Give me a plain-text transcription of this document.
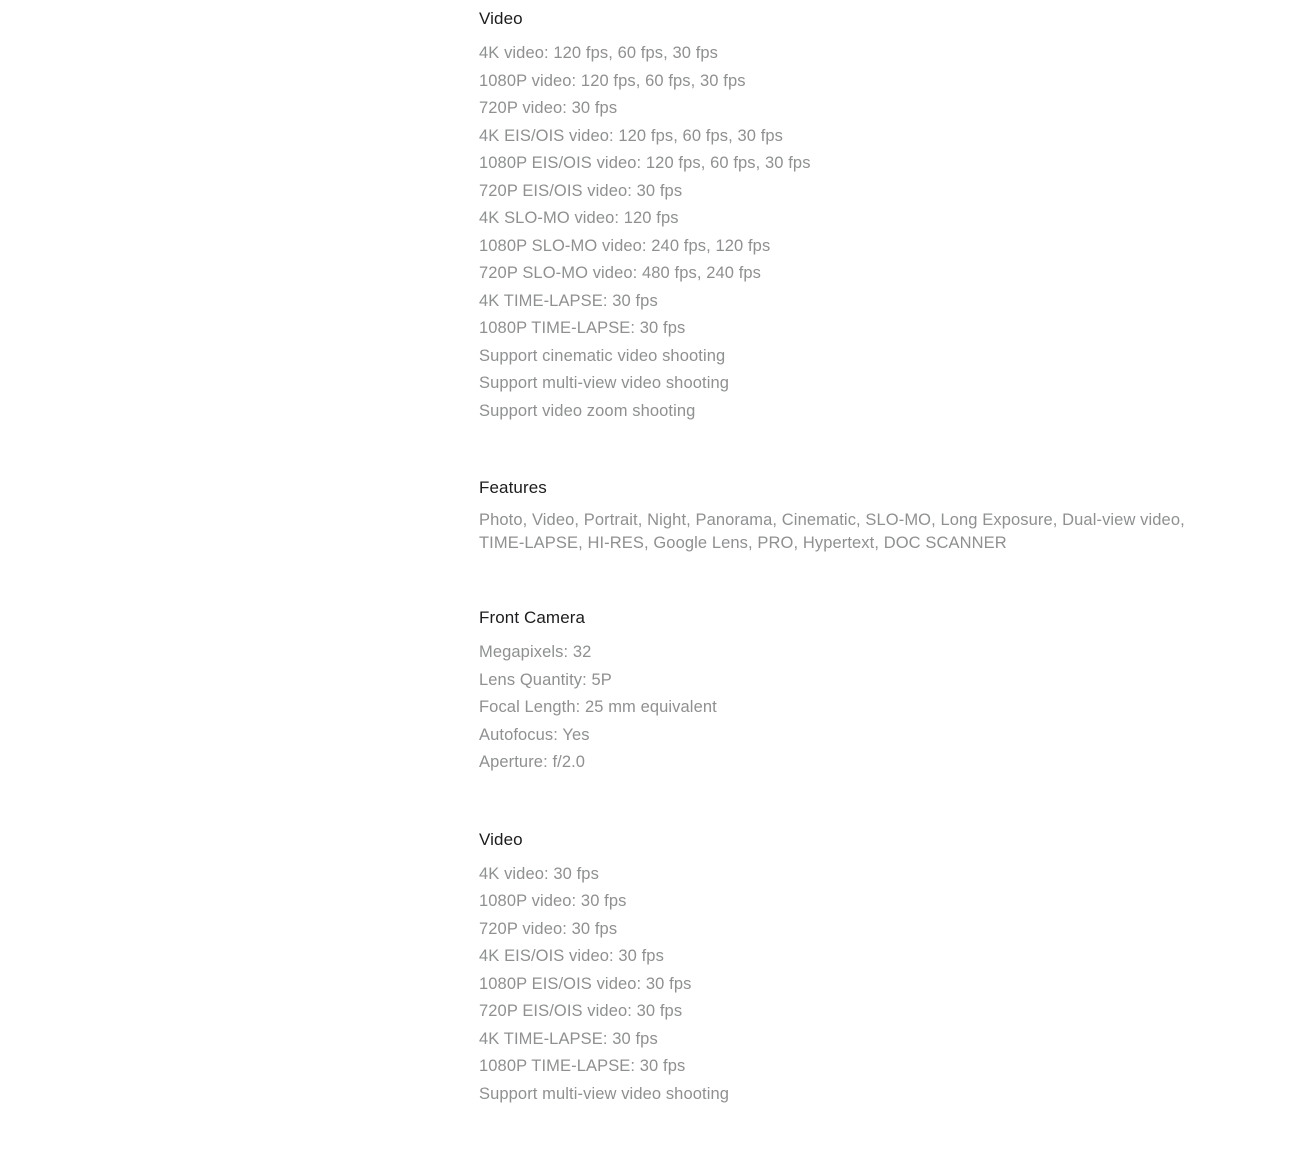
Video
4K video: 120 fps, 60 fps, 30 fps
1080P video: 120 fps, 60 fps, 30 fps
720P video: 30 fps
4K EIS/OIS video: 120 fps, 60 fps, 30 fps
1080P EIS/OIS video: 120 fps, 60 fps, 30 fps
720P EIS/OIS video: 30 fps
4K SLO-MO video: 120 fps
1080P SLO-MO video: 240 fps, 120 fps
720P SLO-MO video: 480 fps, 240 fps
4K TIME-LAPSE: 30 fps
1080P TIME-LAPSE: 30 fps
Support cinematic video shooting
Support multi-view video shooting
Support video zoom shooting
Features

Photo, Video, Portrait, Night, Panorama, Cinematic, SLO-MO, Long Exposure, Dual-view video, TIME-LAPSE, HI-RES, Google Lens, PRO, Hypertext, DOC SCANNER

Front Camera
Megapixels: 32
Lens Quantity: 5P
Focal Length: 25 mm equivalent
Autofocus: Yes
Aperture: f/2.0
Video
4K video: 30 fps
1080P video: 30 fps
720P video: 30 fps
4K EIS/OIS video: 30 fps
1080P EIS/OIS video: 30 fps
720P EIS/OIS video: 30 fps
4K TIME-LAPSE: 30 fps
1080P TIME-LAPSE: 30 fps
Support multi-view video shooting
